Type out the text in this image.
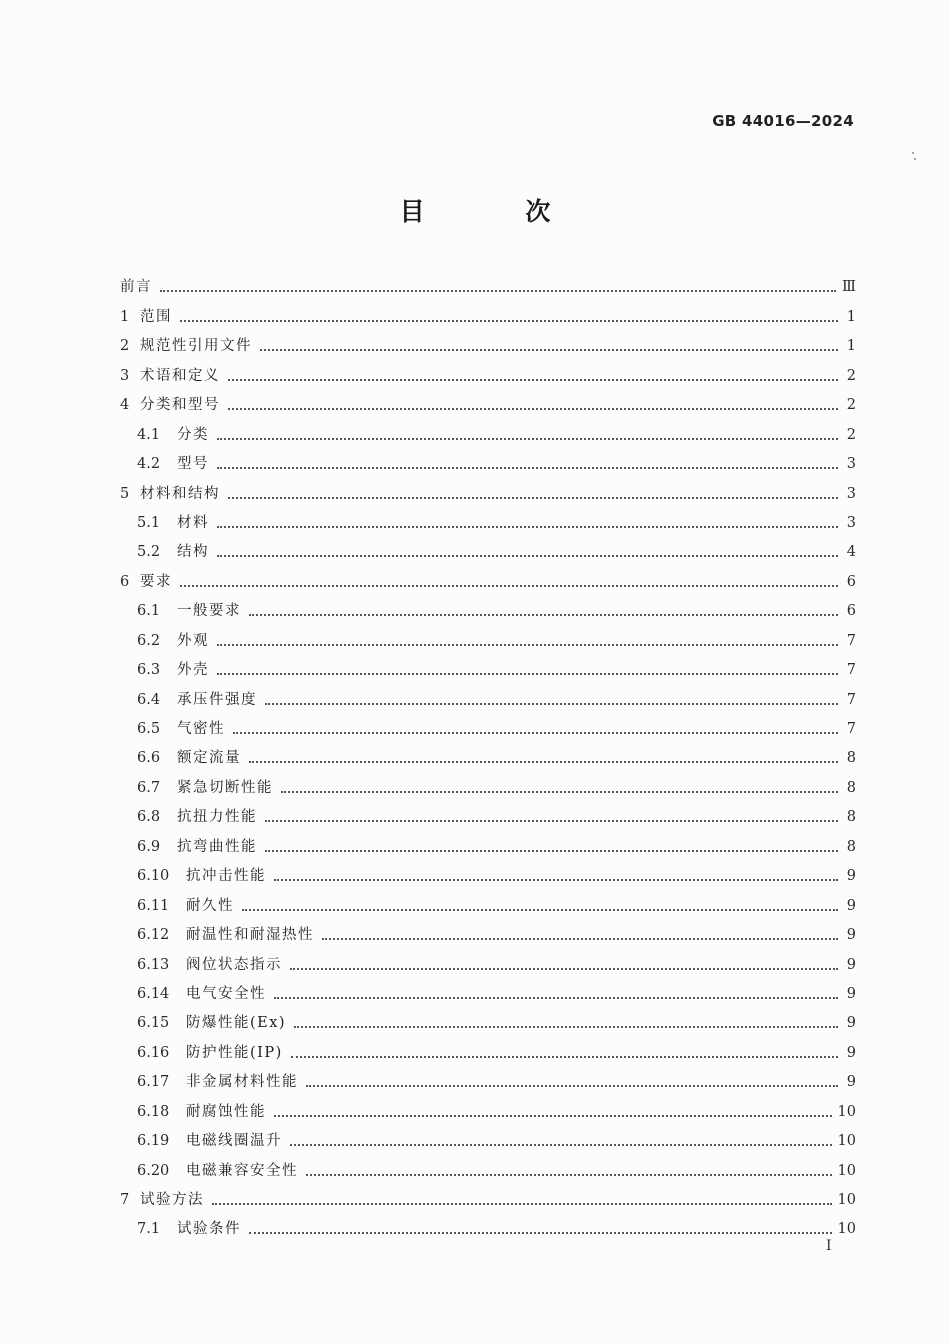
GB 44016—2024
目 次
前言	Ⅲ
1 范围	1
2 规范性引用文件	1
3 术语和定义	2
4 分类和型号	2
4.1	分类	2
4.2	型号	3
5 材料和结构	3
5.1	材料	3
5.2	结构	4
6 要求	6
6.1	一般要求	6
6.2	外观	7
6.3	外壳	7
6.4	承压件强度	7
6.5	气密性	7
6.6	额定流量	8
6.7	紧急切断性能	8
6.8	抗扭力性能	8
6.9	抗弯曲性能	8
6.10	抗冲击性能	9
6.11	耐久性	9
6.12	耐温性和耐湿热性	9
6.13	阀位状态指示	9
6.14	电气安全性	9
6.15	防爆性能(Ex)	9
6.16	防护性能(IP)	9
6.17	非金属材料性能	9
6.18	耐腐蚀性能	10
6.19	电磁线圈温升	10
6.20	电磁兼容安全性	10
7 试验方法	10
7.1	试验条件	10
I
